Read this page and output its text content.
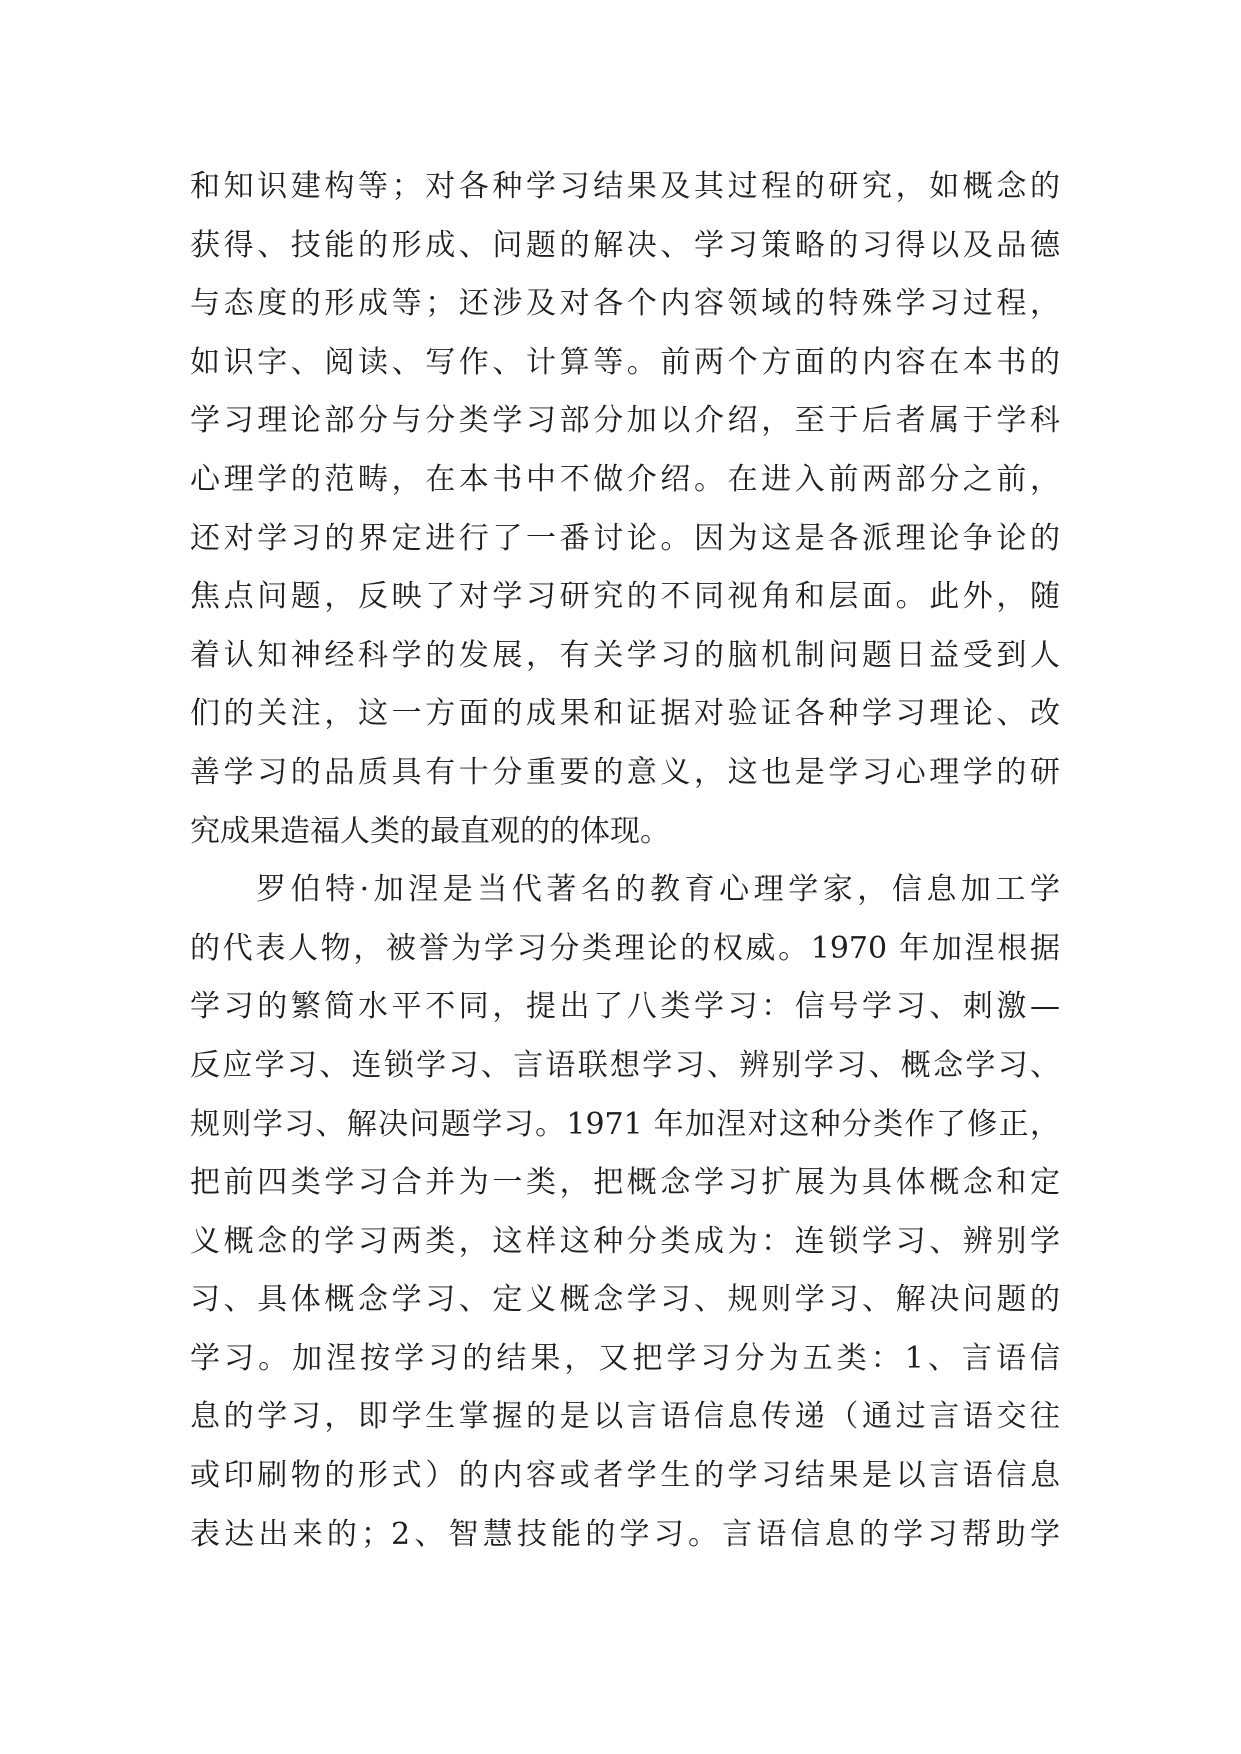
和知识建构等；对各种学习结果及其过程的研究，如概念的
获得、技能的形成、问题的解决、学习策略的习得以及品德
与态度的形成等；还涉及对各个内容领域的特殊学习过程，
如识字、阅读、写作、计算等。前两个方面的内容在本书的
学习理论部分与分类学习部分加以介绍，至于后者属于学科
心理学的范畴，在本书中不做介绍。在进入前两部分之前，
还对学习的界定进行了一番讨论。因为这是各派理论争论的
焦点问题，反映了对学习研究的不同视角和层面。此外，随
着认知神经科学的发展，有关学习的脑机制问题日益受到人
们的关注，这一方面的成果和证据对验证各种学习理论、改
善学习的品质具有十分重要的意义，这也是学习心理学的研
究成果造福人类的最直观的的体现。
罗伯特·加涅是当代著名的教育心理学家，信息加工学
的代表人物，被誉为学习分类理论的权威。1970 年加涅根据
学习的繁简水平不同，提出了八类学习：信号学习、刺激—
反应学习、连锁学习、言语联想学习、辨别学习、概念学习、
规则学习、解决问题学习。1971 年加涅对这种分类作了修正，
把前四类学习合并为一类，把概念学习扩展为具体概念和定
义概念的学习两类，这样这种分类成为：连锁学习、辨别学
习、具体概念学习、定义概念学习、规则学习、解决问题的
学习。加涅按学习的结果，又把学习分为五类：1、言语信
息的学习，即学生掌握的是以言语信息传递（通过言语交往
或印刷物的形式）的内容或者学生的学习结果是以言语信息
表达出来的；2、智慧技能的学习。言语信息的学习帮助学
